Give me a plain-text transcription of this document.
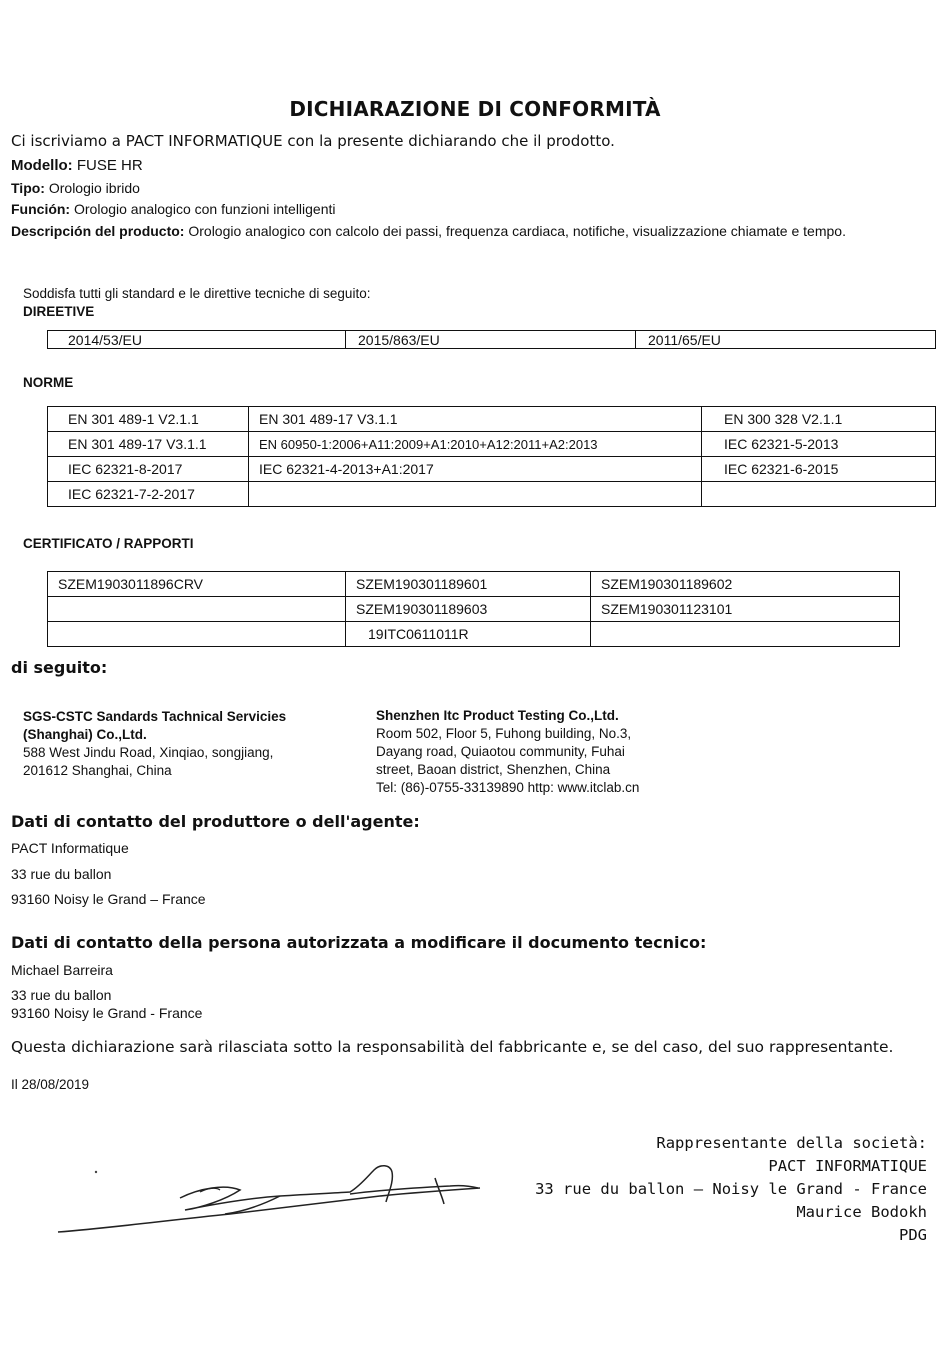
DICHIARAZIONE DI CONFORMITÀ
Ci iscriviamo a PACT INFORMATIQUE con la presente dichiarando che il prodotto.
Modello: FUSE HR
Tipo: Orologio ibrido
Función: Orologio analogico con funzioni intelligenti
Descripción del producto: Orologio analogico con calcolo dei passi, frequenza cardiaca, notifiche, visualizzazione chiamate e tempo.
Soddisfa tutti gli standard e le direttive tecniche di seguito:
DIREETIVE
2014/53/EU	2015/863/EU	2011/65/EU
NORME
EN 301 489-1 V2.1.1	EN 301 489-17 V3.1.1	EN 300 328 V2.1.1
EN 301 489-17 V3.1.1	EN 60950-1:2006+A11:2009+A1:2010+A12:2011+A2:2013	IEC 62321-5-2013
IEC 62321-8-2017	IEC 62321-4-2013+A1:2017	IEC 62321-6-2015
IEC 62321-7-2-2017		
CERTIFICATO / RAPPORTI
SZEM1903011896CRV	SZEM190301189601	SZEM190301189602
	SZEM190301189603	SZEM190301123101
	19ITC0611011R	
di seguito:
SGS-CSTC Sandards Tachnical Servicies (Shanghai) Co.,Ltd.
588 West Jindu Road, Xinqiao, songjiang,
201612 Shanghai, China
Shenzhen Itc Product Testing Co.,Ltd.
Room 502, Floor 5, Fuhong building, No.3,
Dayang road, Quiaotou community, Fuhai
street, Baoan district, Shenzhen, China
Tel: (86)-0755-33139890 http: www.itclab.cn
Dati di contatto del produttore o dell'agente:
PACT Informatique
33 rue du ballon
93160 Noisy le Grand – France
Dati di contatto della persona autorizzata a modificare il documento tecnico:
Michael Barreira
33 rue du ballon
93160 Noisy le Grand - France
Questa dichiarazione sarà rilasciata sotto la responsabilità del fabbricante e, se del caso, del suo rappresentante.
Il 28/08/2019
Rappresentante della società:
PACT INFORMATIQUE
33 rue du ballon – Noisy le Grand - France
Maurice Bodokh
PDG
